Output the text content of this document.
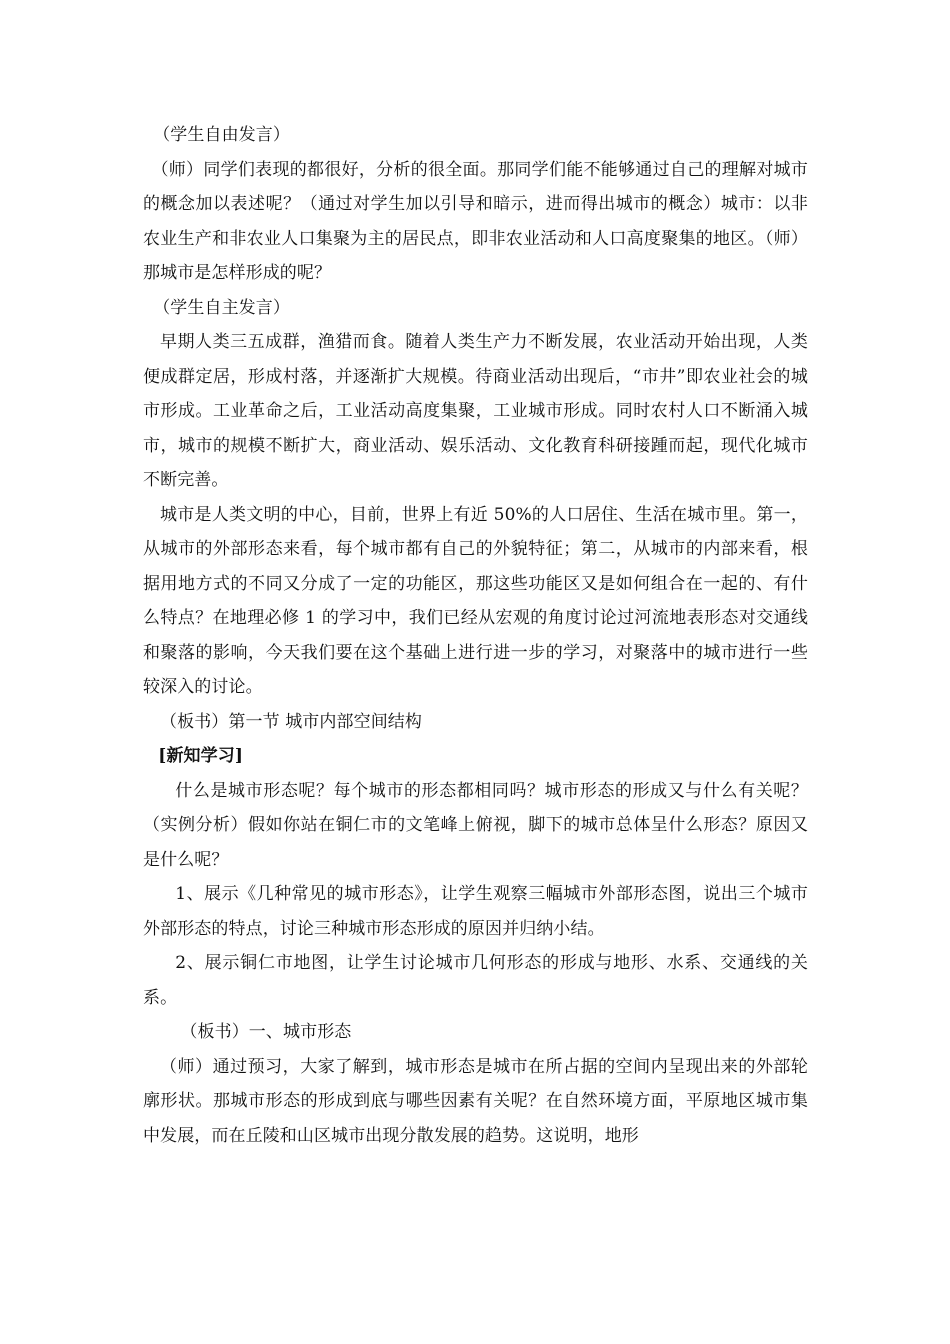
（学生自由发言）

（师）同学们表现的都很好，分析的很全面。那同学们能不能够通过自己的理解对城市的概念加以表述呢？（通过对学生加以引导和暗示，进而得出城市的概念）城市：以非农业生产和非农业人口集聚为主的居民点，即非农业活动和人口高度聚集的地区。（师）那城市是怎样形成的呢？

（学生自主发言）

早期人类三五成群，渔猎而食。随着人类生产力不断发展，农业活动开始出现，人类便成群定居，形成村落，并逐渐扩大规模。待商业活动出现后，“市井”即农业社会的城市形成。工业革命之后，工业活动高度集聚，工业城市形成。同时农村人口不断涌入城市，城市的规模不断扩大，商业活动、娱乐活动、文化教育科研接踵而起，现代化城市不断完善。

城市是人类文明的中心，目前，世界上有近 50%的人口居住、生活在城市里。第一，从城市的外部形态来看，每个城市都有自己的外貌特征；第二，从城市的内部来看，根据用地方式的不同又分成了一定的功能区，那这些功能区又是如何组合在一起的、有什么特点？在地理必修 1 的学习中，我们已经从宏观的角度讨论过河流地表形态对交通线和聚落的影响，今天我们要在这个基础上进行进一步的学习，对聚落中的城市进行一些较深入的讨论。

（板书）第一节 城市内部空间结构

[新知学习]

什么是城市形态呢？每个城市的形态都相同吗？城市形态的形成又与什么有关呢？（实例分析）假如你站在铜仁市的文笔峰上俯视，脚下的城市总体呈什么形态？原因又是什么呢？

1、展示《几种常见的城市形态》，让学生观察三幅城市外部形态图，说出三个城市外部形态的特点，讨论三种城市形态形成的原因并归纳小结。

2、展示铜仁市地图，让学生讨论城市几何形态的形成与地形、水系、交通线的关系。

（板书）一、城市形态

（师）通过预习，大家了解到，城市形态是城市在所占据的空间内呈现出来的外部轮廓形状。那城市形态的形成到底与哪些因素有关呢？在自然环境方面，平原地区城市集中发展，而在丘陵和山区城市出现分散发展的趋势。这说明，地形
